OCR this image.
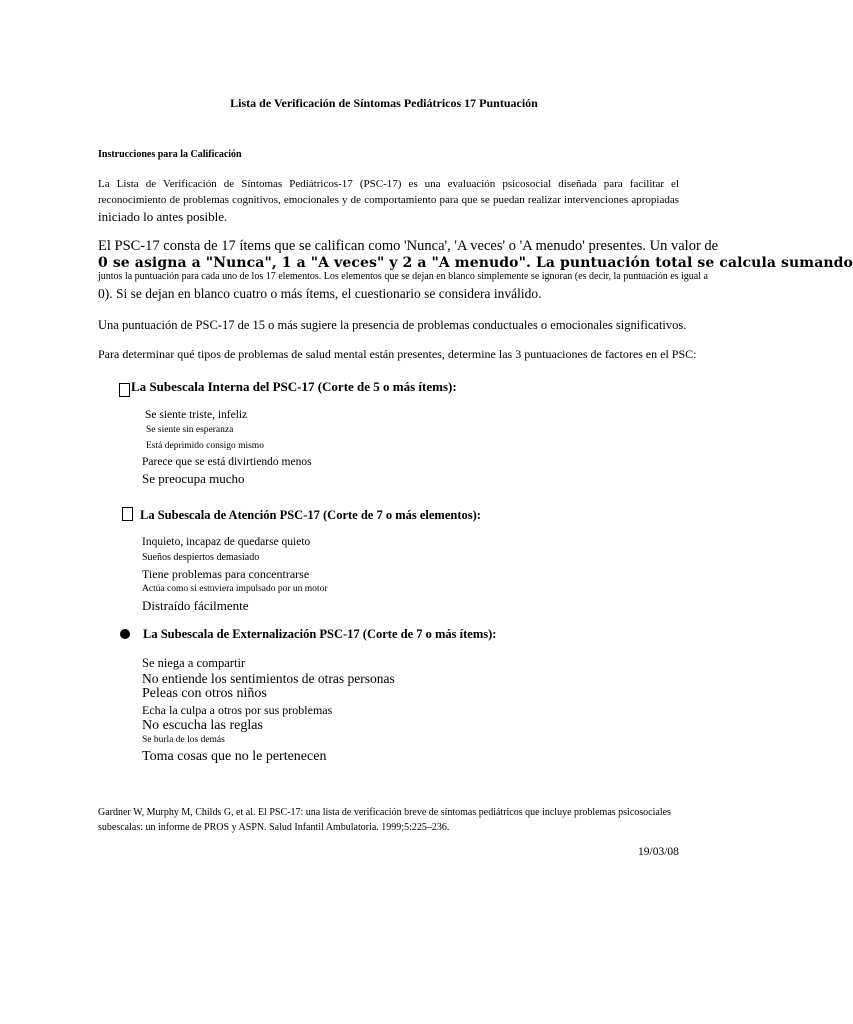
Lista de Verificación de Síntomas Pediátricos 17 Puntuación
Instrucciones para la Calificación
La Lista de Verificación de Síntomas Pediátricos-17 (PSC-17) es una evaluación psicosocial diseñada para facilitar el
reconocimiento de problemas cognitivos, emocionales y de comportamiento para que se puedan realizar intervenciones apropiadas
iniciado lo antes posible.
El PSC-17 consta de 17 ítems que se califican como 'Nunca', 'A veces' o 'A menudo' presentes. Un valor de
0 se asigna a "Nunca", 1 a "A veces" y 2 a "A menudo". La puntuación total se calcula sumando
juntos la puntuación para cada uno de los 17 elementos. Los elementos que se dejan en blanco simplemente se ignoran (es decir, la puntuación es igual a
0). Si se dejan en blanco cuatro o más ítems, el cuestionario se considera inválido.
Una puntuación de PSC-17 de 15 o más sugiere la presencia de problemas conductuales o emocionales significativos.
Para determinar qué tipos de problemas de salud mental están presentes, determine las 3 puntuaciones de factores en el PSC:
La Subescala Interna del PSC-17 (Corte de 5 o más ítems):
Se siente triste, infeliz
Se siente sin esperanza
Está deprimido consigo mismo
Parece que se está divirtiendo menos
Se preocupa mucho
La Subescala de Atención PSC-17 (Corte de 7 o más elementos):
Inquieto, incapaz de quedarse quieto
Sueños despiertos demasiado
Tiene problemas para concentrarse
Actúa como si estuviera impulsado por un motor
Distraído fácilmente
La Subescala de Externalización PSC-17 (Corte de 7 o más ítems):
Se niega a compartir
No entiende los sentimientos de otras personas
Peleas con otros niños
Echa la culpa a otros por sus problemas
No escucha las reglas
Se burla de los demás
Toma cosas que no le pertenecen
Gardner W, Murphy M, Childs G, et al. El PSC-17: una lista de verificación breve de síntomas pediátricos que incluye problemas psicosociales
subescalas: un informe de PROS y ASPN. Salud Infantil Ambulatoria. 1999;5:225–236.
19/03/08
